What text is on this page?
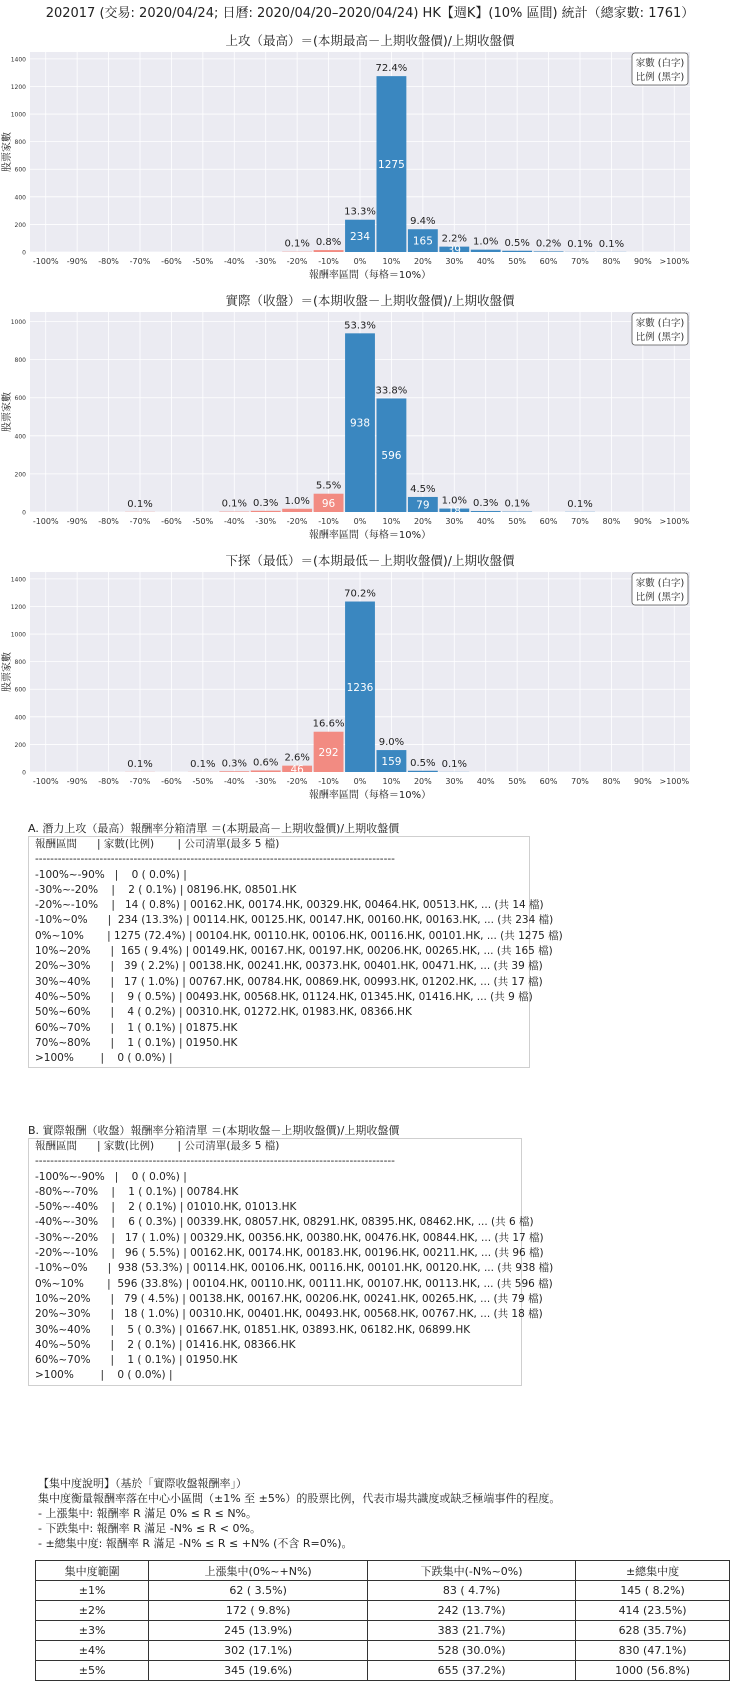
202017 (交易: 2020/04/24; 日曆: 2020/04/20–2020/04/24) HK【週K】(10% 區間) 統計（總家數: 1761）
上攻（最高）＝(本期最高－上期收盤價)/上期收盤價
0
200
400
600
800
1000
1200
1400
股票家數
-100% -90% -80% -70% -60% -50% -40% -30%
0.1%
-20%
0.8%
-10%
234
13.3%
0%
1275
72.4%
10%
165
9.4%
20%
39
2.2%
30%
1.0%
40%
0.5%
50%
0.2%
60%
0.1%
70%
0.1%
80% 90% >100%
報酬率區間（每格＝10%）
家數 (白字)
比例 (黑字)
實際（收盤）＝(本期收盤－上期收盤價)/上期收盤價
0
200
400
600
800
1000
股票家數
-100% -90% -80%
0.1%
-70% -60% -50%
0.1%
-40%
0.3%
-30%
1.0%
-20%
96
5.5%
-10%
938
53.3%
0%
596
33.8%
10%
79
4.5%
20%
18
1.0%
30%
0.3%
40%
0.1%
50% 60%
0.1%
70% 80% 90% >100%
報酬率區間（每格＝10%）
家數 (白字)
比例 (黑字)
下探（最低）＝(本期最低－上期收盤價)/上期收盤價
0
200
400
600
800
1000
1200
1400
股票家數
-100% -90% -80%
0.1%
-70% -60%
0.1%
-50%
0.3%
-40%
0.6%
-30%
46
2.6%
-20%
292
16.6%
-10%
1236
70.2%
0%
159
9.0%
10%
0.5%
20%
0.1%
30% 40% 50% 60% 70% 80% 90% >100%
報酬率區間（每格＝10%）
家數 (白字)
比例 (黑字)
A. 潛力上攻（最高）報酬率分箱清單 ＝(本期最高－上期收盤價)/上期收盤價
報酬區間      | 家數(比例)       | 公司清單(最多 5 檔)
-----------------------------------------------------------------------------------------------
-100%~-90%   |    0 ( 0.0%) |
-30%~-20%    |    2 ( 0.1%) | 08196.HK, 08501.HK
-20%~-10%    |   14 ( 0.8%) | 00162.HK, 00174.HK, 00329.HK, 00464.HK, 00513.HK, ... (共 14 檔)
-10%~0%      |  234 (13.3%) | 00114.HK, 00125.HK, 00147.HK, 00160.HK, 00163.HK, ... (共 234 檔)
0%~10%       | 1275 (72.4%) | 00104.HK, 00110.HK, 00106.HK, 00116.HK, 00101.HK, ... (共 1275 檔)
10%~20%      |  165 ( 9.4%) | 00149.HK, 00167.HK, 00197.HK, 00206.HK, 00265.HK, ... (共 165 檔)
20%~30%      |   39 ( 2.2%) | 00138.HK, 00241.HK, 00373.HK, 00401.HK, 00471.HK, ... (共 39 檔)
30%~40%      |   17 ( 1.0%) | 00767.HK, 00784.HK, 00869.HK, 00993.HK, 01202.HK, ... (共 17 檔)
40%~50%      |    9 ( 0.5%) | 00493.HK, 00568.HK, 01124.HK, 01345.HK, 01416.HK, ... (共 9 檔)
50%~60%      |    4 ( 0.2%) | 00310.HK, 01272.HK, 01983.HK, 08366.HK
60%~70%      |    1 ( 0.1%) | 01875.HK
70%~80%      |    1 ( 0.1%) | 01950.HK
>100%        |    0 ( 0.0%) |
B. 實際報酬（收盤）報酬率分箱清單 ＝(本期收盤－上期收盤價)/上期收盤價
報酬區間      | 家數(比例)       | 公司清單(最多 5 檔)
-----------------------------------------------------------------------------------------------
-100%~-90%   |    0 ( 0.0%) |
-80%~-70%    |    1 ( 0.1%) | 00784.HK
-50%~-40%    |    2 ( 0.1%) | 01010.HK, 01013.HK
-40%~-30%    |    6 ( 0.3%) | 00339.HK, 08057.HK, 08291.HK, 08395.HK, 08462.HK, ... (共 6 檔)
-30%~-20%    |   17 ( 1.0%) | 00329.HK, 00356.HK, 00380.HK, 00476.HK, 00844.HK, ... (共 17 檔)
-20%~-10%    |   96 ( 5.5%) | 00162.HK, 00174.HK, 00183.HK, 00196.HK, 00211.HK, ... (共 96 檔)
-10%~0%      |  938 (53.3%) | 00114.HK, 00106.HK, 00116.HK, 00101.HK, 00120.HK, ... (共 938 檔)
0%~10%       |  596 (33.8%) | 00104.HK, 00110.HK, 00111.HK, 00107.HK, 00113.HK, ... (共 596 檔)
10%~20%      |   79 ( 4.5%) | 00138.HK, 00167.HK, 00206.HK, 00241.HK, 00265.HK, ... (共 79 檔)
20%~30%      |   18 ( 1.0%) | 00310.HK, 00401.HK, 00493.HK, 00568.HK, 00767.HK, ... (共 18 檔)
30%~40%      |    5 ( 0.3%) | 01667.HK, 01851.HK, 03893.HK, 06182.HK, 06899.HK
40%~50%      |    2 ( 0.1%) | 01416.HK, 08366.HK
60%~70%      |    1 ( 0.1%) | 01950.HK
>100%        |    0 ( 0.0%) |
【集中度說明】（基於「實際收盤報酬率」）
集中度衡量報酬率落在中心小區間（±1% 至 ±5%）的股票比例，代表市場共識度或缺乏極端事件的程度。
- 上漲集中: 報酬率 R 滿足 0% ≤ R ≤ N%。
- 下跌集中: 報酬率 R 滿足 -N% ≤ R < 0%。
- ±總集中度: 報酬率 R 滿足 -N% ≤ R ≤ +N% (不含 R=0%)。
集中度範圍	上漲集中(0%~+N%)	下跌集中(-N%~0%)	±總集中度
±1%	62 ( 3.5%)	83 ( 4.7%)	145 ( 8.2%)
±2%	172 ( 9.8%)	242 (13.7%)	414 (23.5%)
±3%	245 (13.9%)	383 (21.7%)	628 (35.7%)
±4%	302 (17.1%)	528 (30.0%)	830 (47.1%)
±5%	345 (19.6%)	655 (37.2%)	1000 (56.8%)
